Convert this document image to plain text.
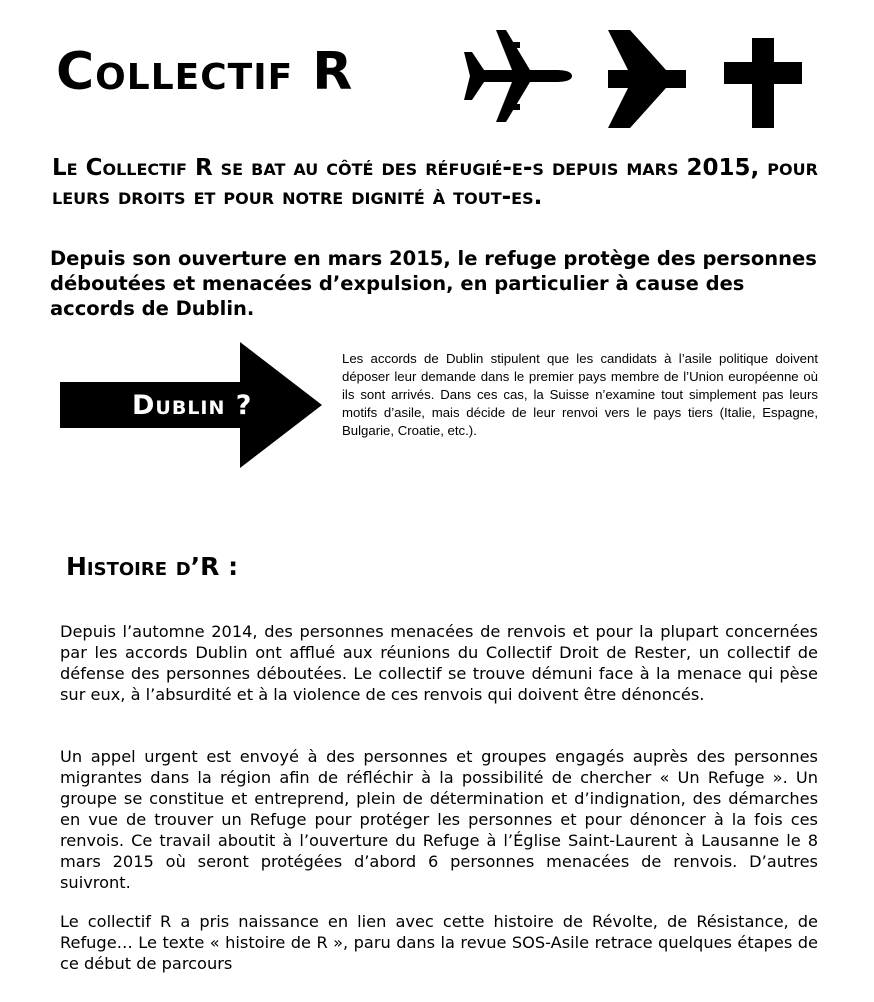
Collectif R

Le Collectif R se bat au côté des réfugié-e-s depuis mars 2015, pour leurs droits et pour notre dignité à tout-es.

Depuis son ouverture en mars 2015, le refuge protège des personnes déboutées et menacées d’expulsion, en particulier à cause des accords de Dublin.

Dublin ?

Les accords de Dublin stipulent que les candidats à l’asile politique doivent déposer leur demande dans le premier pays membre de l’Union européenne où ils sont arrivés. Dans ces cas, la Suisse n’examine tout simplement pas leurs motifs d’asile, mais décide de leur renvoi vers le pays tiers (Italie, Espagne, Bulgarie, Croatie, etc.).

Histoire d’R :

Depuis l’automne 2014, des personnes menacées de renvois et pour la plupart concernées par les accords Dublin ont afflué aux réunions du Collectif Droit de Rester, un collectif de défense des personnes déboutées. Le collectif se trouve démuni face à la menace qui pèse sur eux, à l’absurdité et à la violence de ces renvois qui doivent être dénoncés.

Un appel urgent est envoyé à des personnes et groupes engagés auprès des personnes migrantes dans la région afin de réfléchir à la possibilité de chercher « Un Refuge ». Un groupe se constitue et entreprend, plein de détermination et d’indignation, des démarches en vue de trouver un Refuge pour protéger les personnes et pour dénoncer à la fois ces renvois. Ce travail aboutit à l’ouverture du Refuge à l’Église Saint-Laurent à Lausanne le 8 mars 2015 où seront protégées d’abord 6 personnes menacées de renvois. D’autres suivront.

Le collectif R a pris naissance en lien avec cette histoire de Révolte, de Résistance, de Refuge… Le texte « histoire de R », paru dans la revue SOS-Asile retrace quelques étapes de ce début de parcours
